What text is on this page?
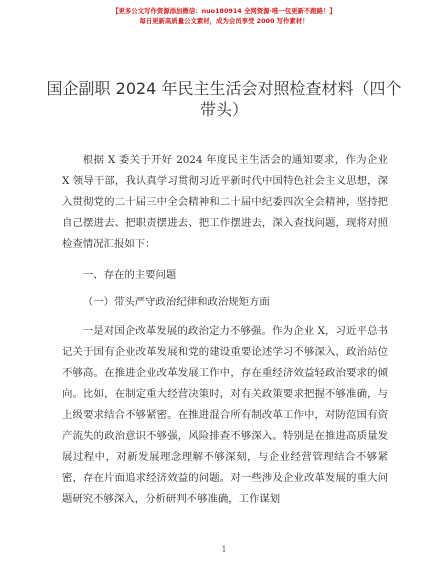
【更多公文写作资源添加微信：nuo180914 全网资源·唯一包更新不跑路！】
每日更新高质量公文素材，成为会员享受 2000 写作素材！
国企副职 2024 年民主生活会对照检查材料（四个带头）

根据 X 委关于开好 2024 年度民主生活会的通知要求，作为企业 X 领导干部，我认真学习贯彻习近平新时代中国特色社会主义思想，深入贯彻党的二十届三中全会精神和二十届中纪委四次全会精神，坚持把自己摆进去、把职责摆进去、把工作摆进去，深入查找问题，现将对照检查情况汇报如下：

一、存在的主要问题

（一）带头严守政治纪律和政治规矩方面

一是对国企改革发展的政治定力不够强。作为企业 X，习近平总书记关于国有企业改革发展和党的建设重要论述学习不够深入，政治站位不够高。在推进企业改革发展工作中，存在重经济效益轻政治要求的倾向。比如，在制定重大经营决策时，对有关政策要求把握不够准确，与上级要求结合不够紧密。在推进混合所有制改革工作中，对防范国有资产流失的政治意识不够强，风险排查不够深入。特别是在推进高质量发展过程中，对新发展理念理解不够深刻，与企业经营管理结合不够紧密，存在片面追求经济效益的问题。对一些涉及企业改革发展的重大问题研究不够深入，分析研判不够准确，工作谋划

1
